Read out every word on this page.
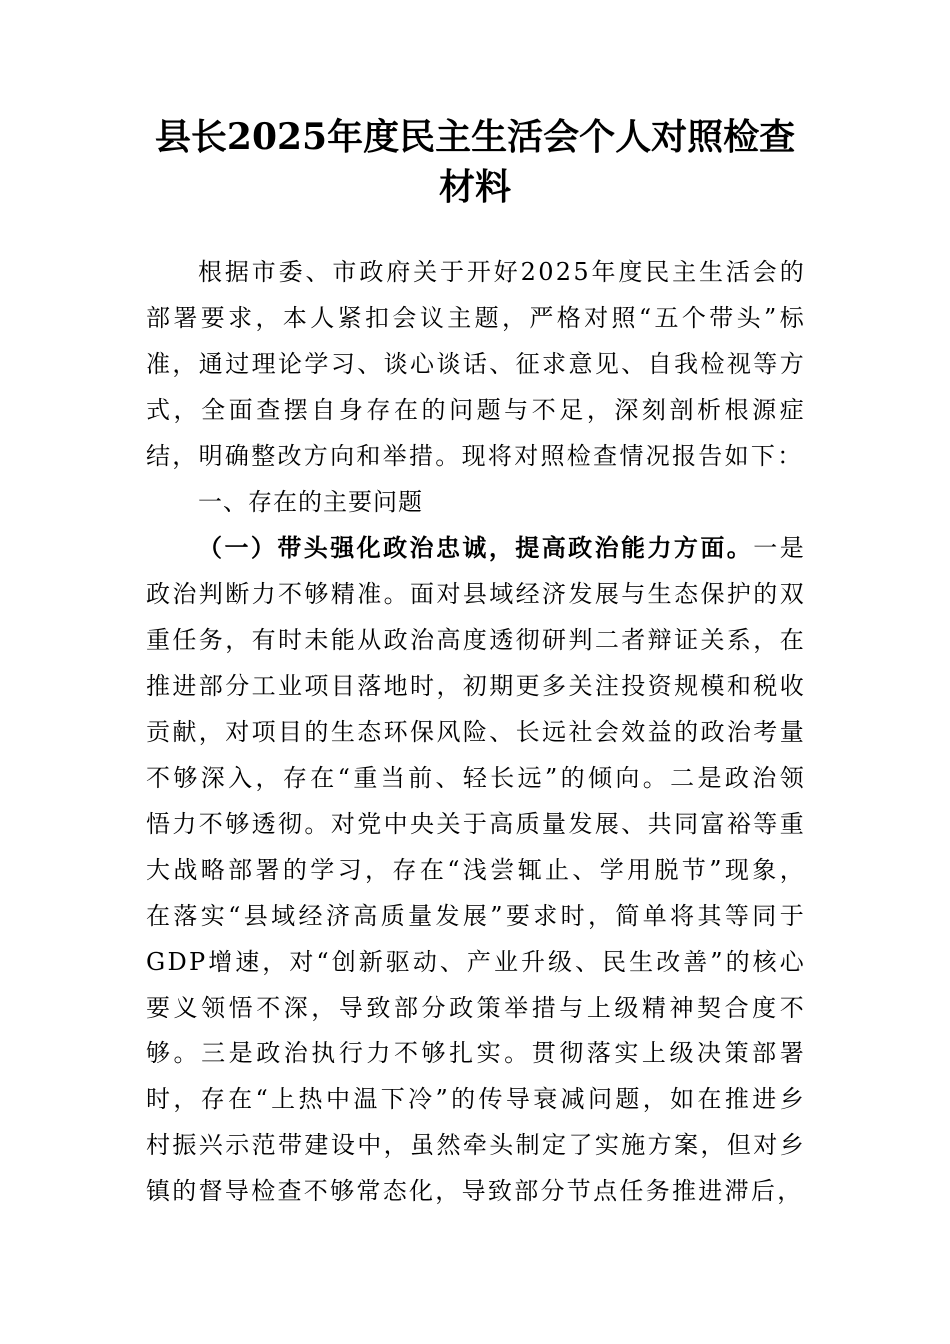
县长2025年度民主生活会个人对照检查材料

根据市委、市政府关于开好2025年度民主生活会的部署要求，本人紧扣会议主题，严格对照“五个带头”标准，通过理论学习、谈心谈话、征求意见、自我检视等方式，全面查摆自身存在的问题与不足，深刻剖析根源症结，明确整改方向和举措。现将对照检查情况报告如下：

一、存在的主要问题

（一）带头强化政治忠诚，提高政治能力方面。一是政治判断力不够精准。面对县域经济发展与生态保护的双重任务，有时未能从政治高度透彻研判二者辩证关系，在推进部分工业项目落地时，初期更多关注投资规模和税收贡献，对项目的生态环保风险、长远社会效益的政治考量不够深入，存在“重当前、轻长远”的倾向。二是政治领悟力不够透彻。对党中央关于高质量发展、共同富裕等重大战略部署的学习，存在“浅尝辄止、学用脱节”现象，在落实“县域经济高质量发展”要求时，简单将其等同于GDP增速，对“创新驱动、产业升级、民生改善”的核心要义领悟不深，导致部分政策举措与上级精神契合度不够。三是政治执行力不够扎实。贯彻落实上级决策部署时，存在“上热中温下冷”的传导衰减问题，如在推进乡村振兴示范带建设中，虽然牵头制定了实施方案，但对乡镇的督导检查不够常态化，导致部分节点任务推进滞后，
